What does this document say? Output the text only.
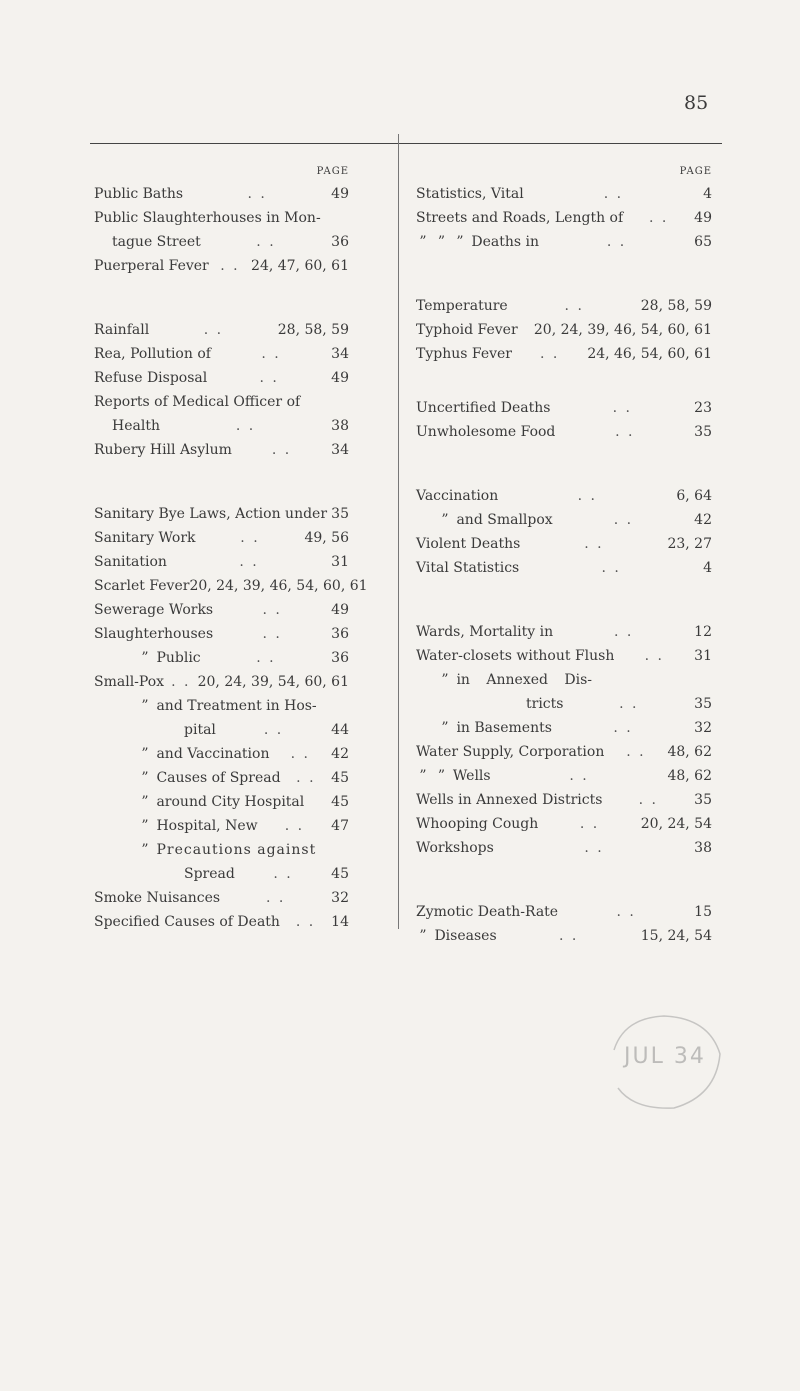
85
PAGE
Public Baths	. .	49
Public Slaughterhouses in Mon-
tague Street	. .	36
Puerperal Fever . . 24, 47, 60, 61
Rainfall	. .	28, 58, 59
Rea, Pollution of	. .	34
Refuse Disposal	. .	49
Reports of Medical Officer of
Health	. .	38
Rubery Hill Asylum	. .	34
Sanitary Bye Laws, Action under 35
Sanitary Work	. .	49, 56
Sanitation	. .	31
Scarlet Fever 20, 24, 39, 46, 54, 60, 61
Sewerage Works	. .	49
Slaughterhouses	. .	36
” Public	. .	36
Small-Pox . . 20, 24, 39, 54, 60, 61
” and Treatment in Hos-
pital	. .	44
” and Vaccination	. .	42
” Causes of Spread	. .	45
” around City Hospital 45
” Hospital, New	. .	47
” Precautions against
Spread	. .	45
Smoke Nuisances	. .	32
Specified Causes of Death	. .	14
PAGE
Statistics, Vital	. .	4
Streets and Roads, Length of	. .	49
” ” ” Deaths in	. .	65
Temperature	. .	28, 58, 59
Typhoid Fever 20, 24, 39, 46, 54, 60, 61
Typhus Fever	. .	24, 46, 54, 60, 61
Uncertified Deaths	. .	23
Unwholesome Food	. .	35
Vaccination	. .	6, 64
” and Smallpox	. .	42
Violent Deaths	. .	23, 27
Vital Statistics	. .	4
Wards, Mortality in	. .	12
Water-closets without Flush	. .	31
” in Annexed Dis-
tricts	. .	35
” in Basements	. .	32
Water Supply, Corporation	. .	48, 62
” ” Wells	. .	48, 62
Wells in Annexed Districts	. .	35
Whooping Cough	. .	20, 24, 54
Workshops	. .	38
Zymotic Death-Rate	. .	15
” Diseases	. .	15, 24, 54
JUL 34
